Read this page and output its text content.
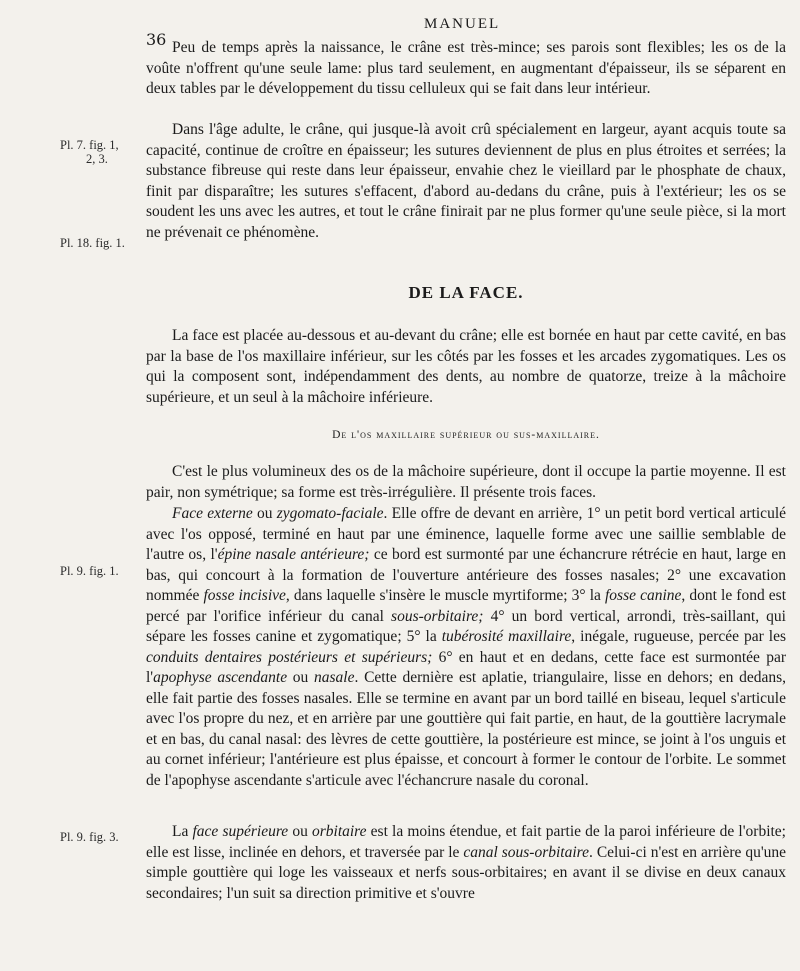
36
MANUEL
Pl. 7. fig. 1,
2, 3.
Pl. 18. fig. 1.
Pl. 9. fig. 1.
Pl. 9. fig. 3.

Peu de temps après la naissance, le crâne est très-mince; ses parois sont flexibles; les os de la voûte n'offrent qu'une seule lame: plus tard seulement, en augmentant d'épaisseur, ils se séparent en deux tables par le développement du tissu celluleux qui se fait dans leur intérieur.

Dans l'âge adulte, le crâne, qui jusque-là avoit crû spécialement en largeur, ayant acquis toute sa capacité, continue de croître en épaisseur; les sutures deviennent de plus en plus étroites et serrées; la substance fibreuse qui reste dans leur épaisseur, envahie chez le vieillard par le phosphate de chaux, finit par disparaître; les sutures s'effacent, d'abord au-dedans du crâne, puis à l'extérieur; les os se soudent les uns avec les autres, et tout le crâne finirait par ne plus former qu'une seule pièce, si la mort ne prévenait ce phénomène.

DE LA FACE.

La face est placée au-dessous et au-devant du crâne; elle est bornée en haut par cette cavité, en bas par la base de l'os maxillaire inférieur, sur les côtés par les fosses et les arcades zygomatiques. Les os qui la composent sont, indépendamment des dents, au nombre de quatorze, treize à la mâchoire supérieure, et un seul à la mâchoire inférieure.

De l'os maxillaire supérieur ou sus-maxillaire.

C'est le plus volumineux des os de la mâchoire supérieure, dont il occupe la partie moyenne. Il est pair, non symétrique; sa forme est très-irrégulière. Il présente trois faces.

Face externe ou zygomato-faciale. Elle offre de devant en arrière, 1° un petit bord vertical articulé avec l'os opposé, terminé en haut par une éminence, laquelle forme avec une saillie semblable de l'autre os, l'épine nasale antérieure; ce bord est surmonté par une échancrure rétrécie en haut, large en bas, qui concourt à la formation de l'ouverture antérieure des fosses nasales; 2° une excavation nommée fosse incisive, dans laquelle s'insère le muscle myrtiforme; 3° la fosse canine, dont le fond est percé par l'orifice inférieur du canal sous-orbitaire; 4° un bord vertical, arrondi, très-saillant, qui sépare les fosses canine et zygomatique; 5° la tubérosité maxillaire, inégale, rugueuse, percée par les conduits dentaires postérieurs et supérieurs; 6° en haut et en dedans, cette face est surmontée par l'apophyse ascendante ou nasale. Cette dernière est aplatie, triangulaire, lisse en dehors; en dedans, elle fait partie des fosses nasales. Elle se termine en avant par un bord taillé en biseau, lequel s'articule avec l'os propre du nez, et en arrière par une gouttière qui fait partie, en haut, de la gouttière lacrymale et en bas, du canal nasal: des lèvres de cette gouttière, la postérieure est mince, se joint à l'os unguis et au cornet inférieur; l'antérieure est plus épaisse, et concourt à former le contour de l'orbite. Le sommet de l'apophyse ascendante s'articule avec l'échancrure nasale du coronal.

La face supérieure ou orbitaire est la moins étendue, et fait partie de la paroi inférieure de l'orbite; elle est lisse, inclinée en dehors, et traversée par le canal sous-orbitaire. Celui-ci n'est en arrière qu'une simple gouttière qui loge les vaisseaux et nerfs sous-orbitaires; en avant il se divise en deux canaux secondaires; l'un suit sa direction primitive et s'ouvre
